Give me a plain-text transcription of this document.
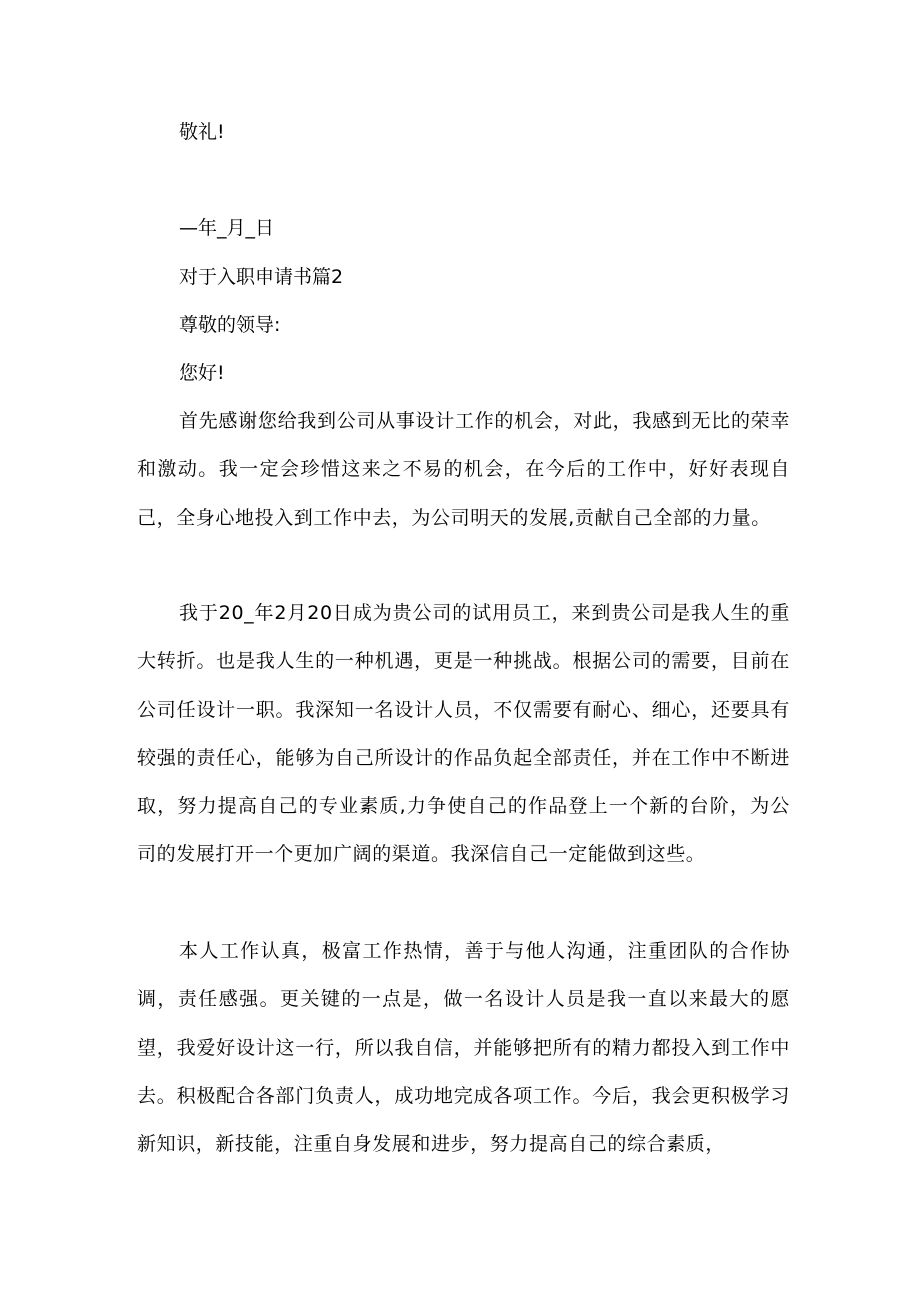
敬礼!
—年_月_日
对于入职申请书篇2
尊敬的领导:
您好!

首先感谢您给我到公司从事设计工作的机会，对此，我感到无比的荣幸和激动。我一定会珍惜这来之不易的机会，在今后的工作中，好好表现自己，全身心地投入到工作中去，为公司明天的发展,贡献自己全部的力量。

我于20_年2月20日成为贵公司的试用员工，来到贵公司是我人生的重大转折。也是我人生的一种机遇，更是一种挑战。根据公司的需要，目前在公司任设计一职。我深知一名设计人员，不仅需要有耐心、细心，还要具有较强的责任心，能够为自己所设计的作品负起全部责任，并在工作中不断进取，努力提高自己的专业素质,力争使自己的作品登上一个新的台阶，为公司的发展打开一个更加广阔的渠道。我深信自己一定能做到这些。

本人工作认真，极富工作热情，善于与他人沟通，注重团队的合作协调，责任感强。更关键的一点是，做一名设计人员是我一直以来最大的愿望，我爱好设计这一行，所以我自信，并能够把所有的精力都投入到工作中去。积极配合各部门负责人，成功地完成各项工作。今后，我会更积极学习新知识，新技能，注重自身发展和进步，努力提高自己的综合素质，
